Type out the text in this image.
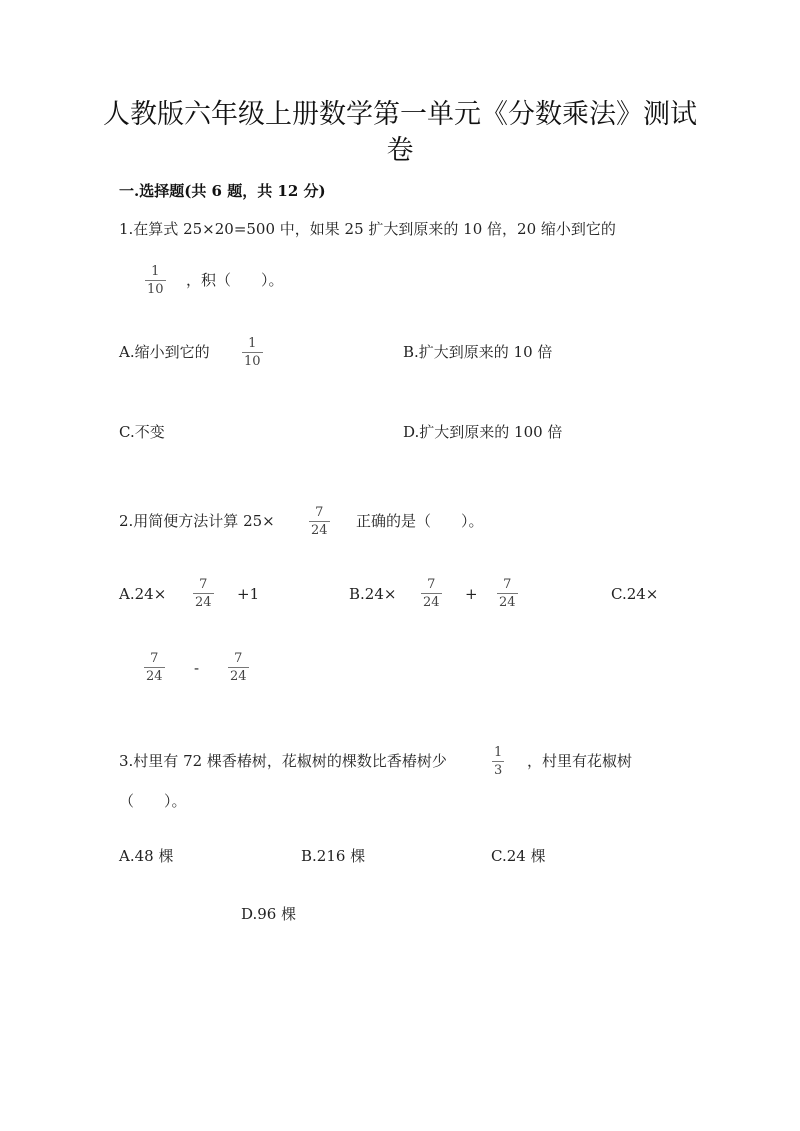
人教版六年级上册数学第一单元《分数乘法》测试
卷
一.选择题(共 6 题，共 12 分)
1.在算式 25×20=500 中，如果 25 扩大到原来的 10 倍，20 缩小到它的
1
10
，积（　　）。
A.缩小到它的	1
10
B.扩大到原来的 10 倍
C.不变	D.扩大到原来的 100 倍
2.用简便方法计算 25×	7
24
正确的是（　　）。
A.24×
7
24 +1	B.24×
7
24 +
7
24	C.24×
7
24 -
7
24
3.村里有 72 棵香椿树，花椒树的棵数比香椿树少	1
3
，村里有花椒树
（　　）。
A.48 棵	B.216 棵	C.24 棵
D.96 棵
